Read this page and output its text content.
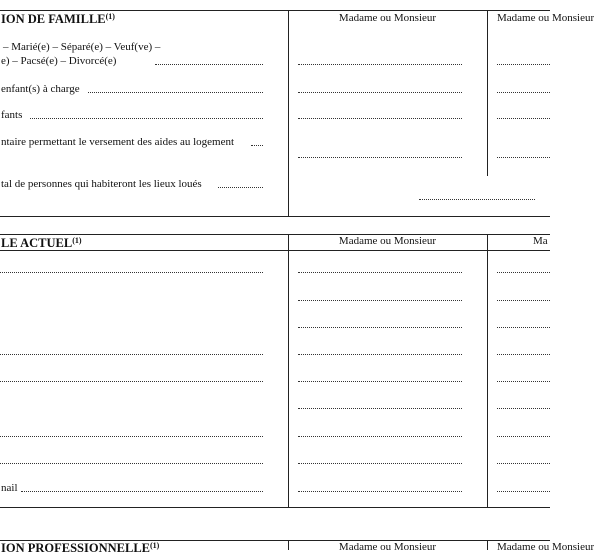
ION DE FAMILLE$^{(1)}$	Madame ou Monsieur	Madame ou Monsieur
– Marié(e) – Séparé(e) – Veuf(ve) –
e) – Pacsé(e) – Divorcé(e)
enfant(s) à charge
fants
ntaire permettant le versement des aides au logement
tal de personnes qui habiteront les lieux loués
LE ACTUEL$^{(1)}$	Madame ou Monsieur	Ma
nail
ION PROFESSIONNELLE$^{(1)}$	Madame ou Monsieur	Madame ou Monsieur
